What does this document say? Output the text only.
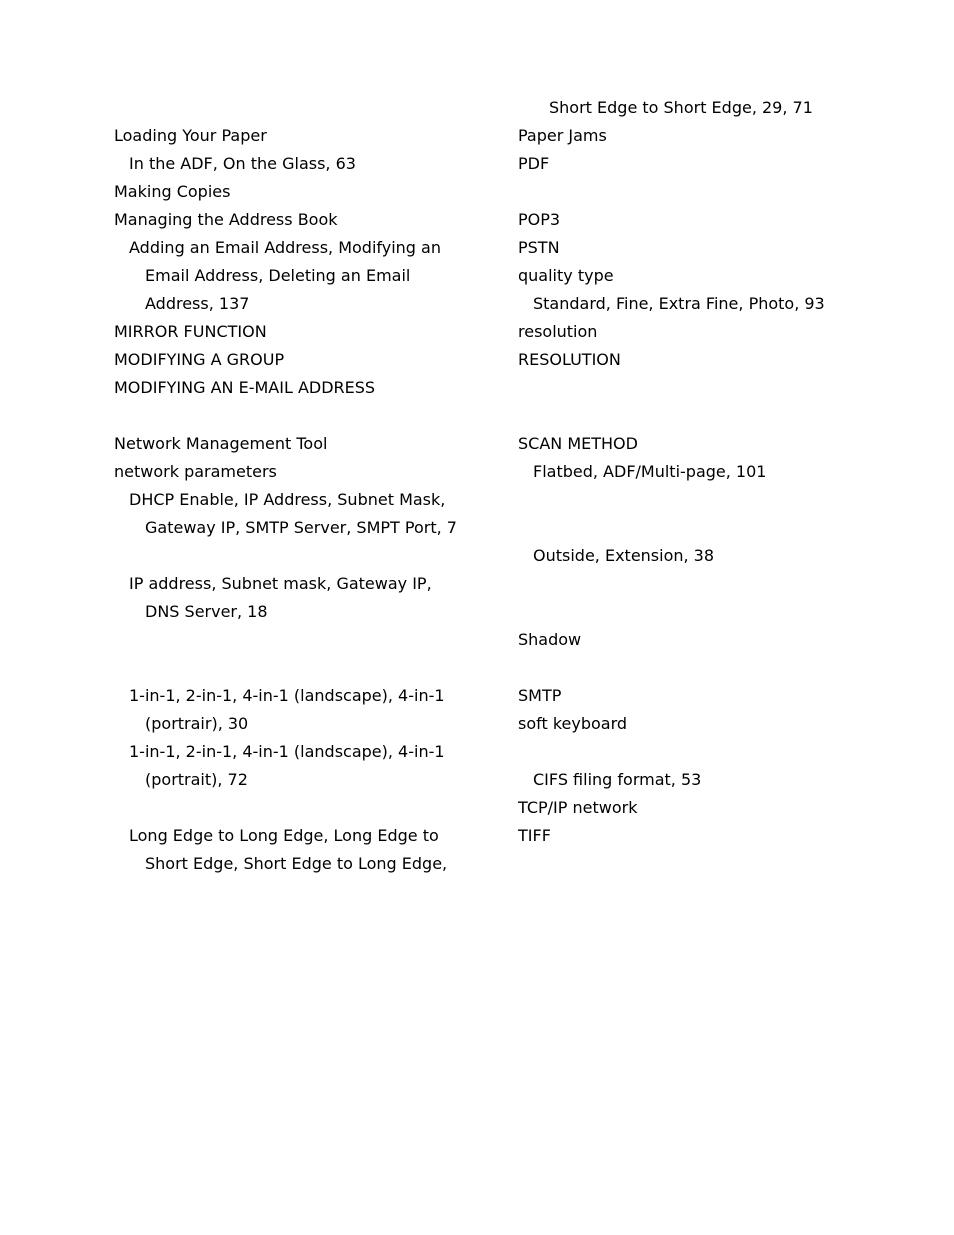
Loading Your Paper
In the ADF, On the Glass, 63
Making Copies
Managing the Address Book
Adding an Email Address, Modifying an
Email Address, Deleting an Email
Address, 137
MIRROR FUNCTION
MODIFYING A GROUP
MODIFYING AN E-MAIL ADDRESS
Network Management Tool
network parameters
DHCP Enable, IP Address, Subnet Mask,
Gateway IP, SMTP Server, SMPT Port, 7
IP address, Subnet mask, Gateway IP,
DNS Server, 18
1-in-1, 2-in-1, 4-in-1 (landscape), 4-in-1
(portrair), 30
1-in-1, 2-in-1, 4-in-1 (landscape), 4-in-1
(portrait), 72
Long Edge to Long Edge, Long Edge to
Short Edge, Short Edge to Long Edge,
Short Edge to Short Edge, 29, 71
Paper Jams
PDF
POP3
PSTN
quality type
Standard, Fine, Extra Fine, Photo, 93
resolution
RESOLUTION
SCAN METHOD
Flatbed, ADF/Multi-page, 101
Outside, Extension, 38
Shadow
SMTP
soft keyboard
CIFS filing format, 53
TCP/IP network
TIFF
